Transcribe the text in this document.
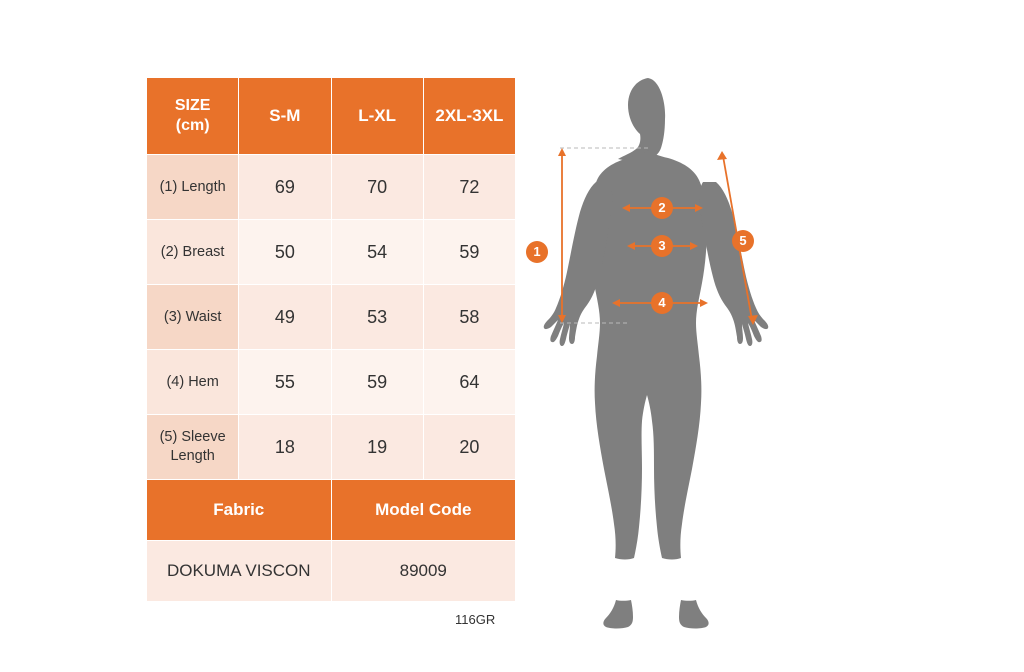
SIZE
(cm)	S-M	L-XL	2XL-3XL
(1) Length	69	70	72
(2) Breast	50	54	59
(3) Waist	49	53	58
(4) Hem	55	59	64
(5) Sleeve Length	18	19	20
Fabric		Model Code	
DOKUMA VISCON		89009	
116GR
1
2
3
4
5
